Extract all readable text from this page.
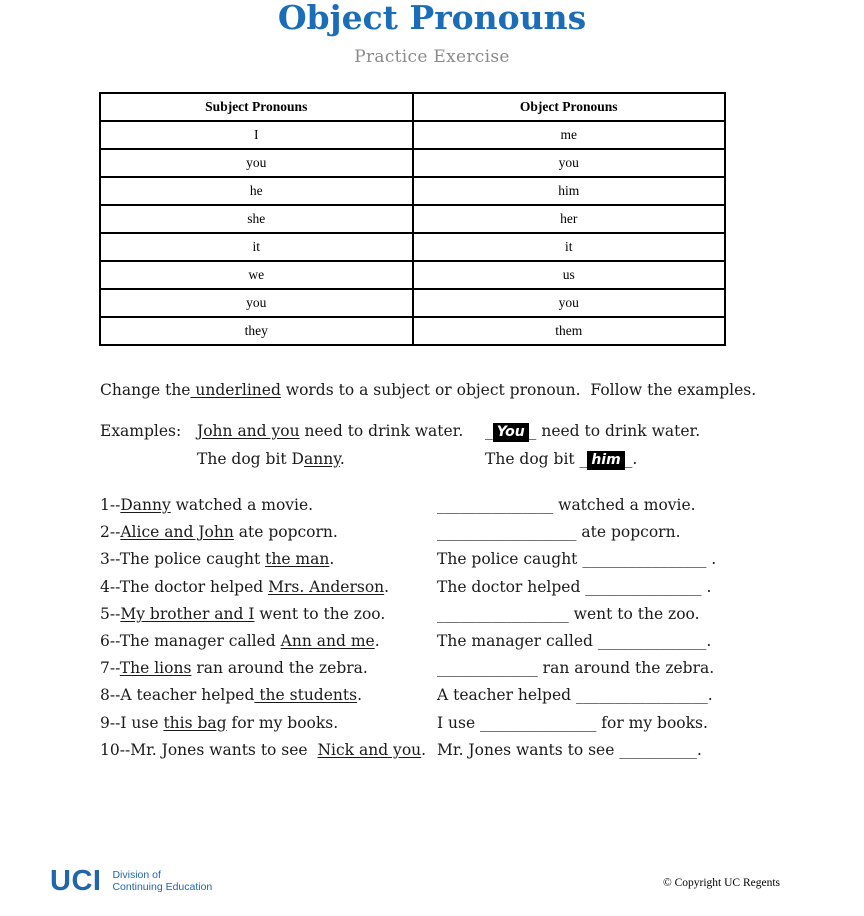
Object Pronouns
Practice Exercise
Subject Pronouns	Object Pronouns
I	me
you	you
he	him
she	her
it	it
we	us
you	you
they	them
Change the underlined words to a subject or object pronoun.  Follow the examples.
Examples: John and you need to drink water.	_ You _ need to drink water.
The dog bit Danny.	The dog bit _ him _.
1--Danny watched a movie.	_______________ watched a movie.
2--Alice and John ate popcorn.	__________________ ate popcorn.
3--The police caught the man.	The police caught ________________ .
4--The doctor helped Mrs. Anderson.	The doctor helped _______________ .
5--My brother and I went to the zoo.	_________________ went to the zoo.
6--The manager called Ann and me.	The manager called ______________.
7--The lions ran around the zebra.	_____________ ran around the zebra.
8--A teacher helped the students.	A teacher helped _________________.
9--I use this bag for my books.	I use _______________ for my books.
10--Mr. Jones wants to see  Nick and you. Mr. Jones wants to see __________.
UCI Division of
Continuing Education	© Copyright UC Regents
